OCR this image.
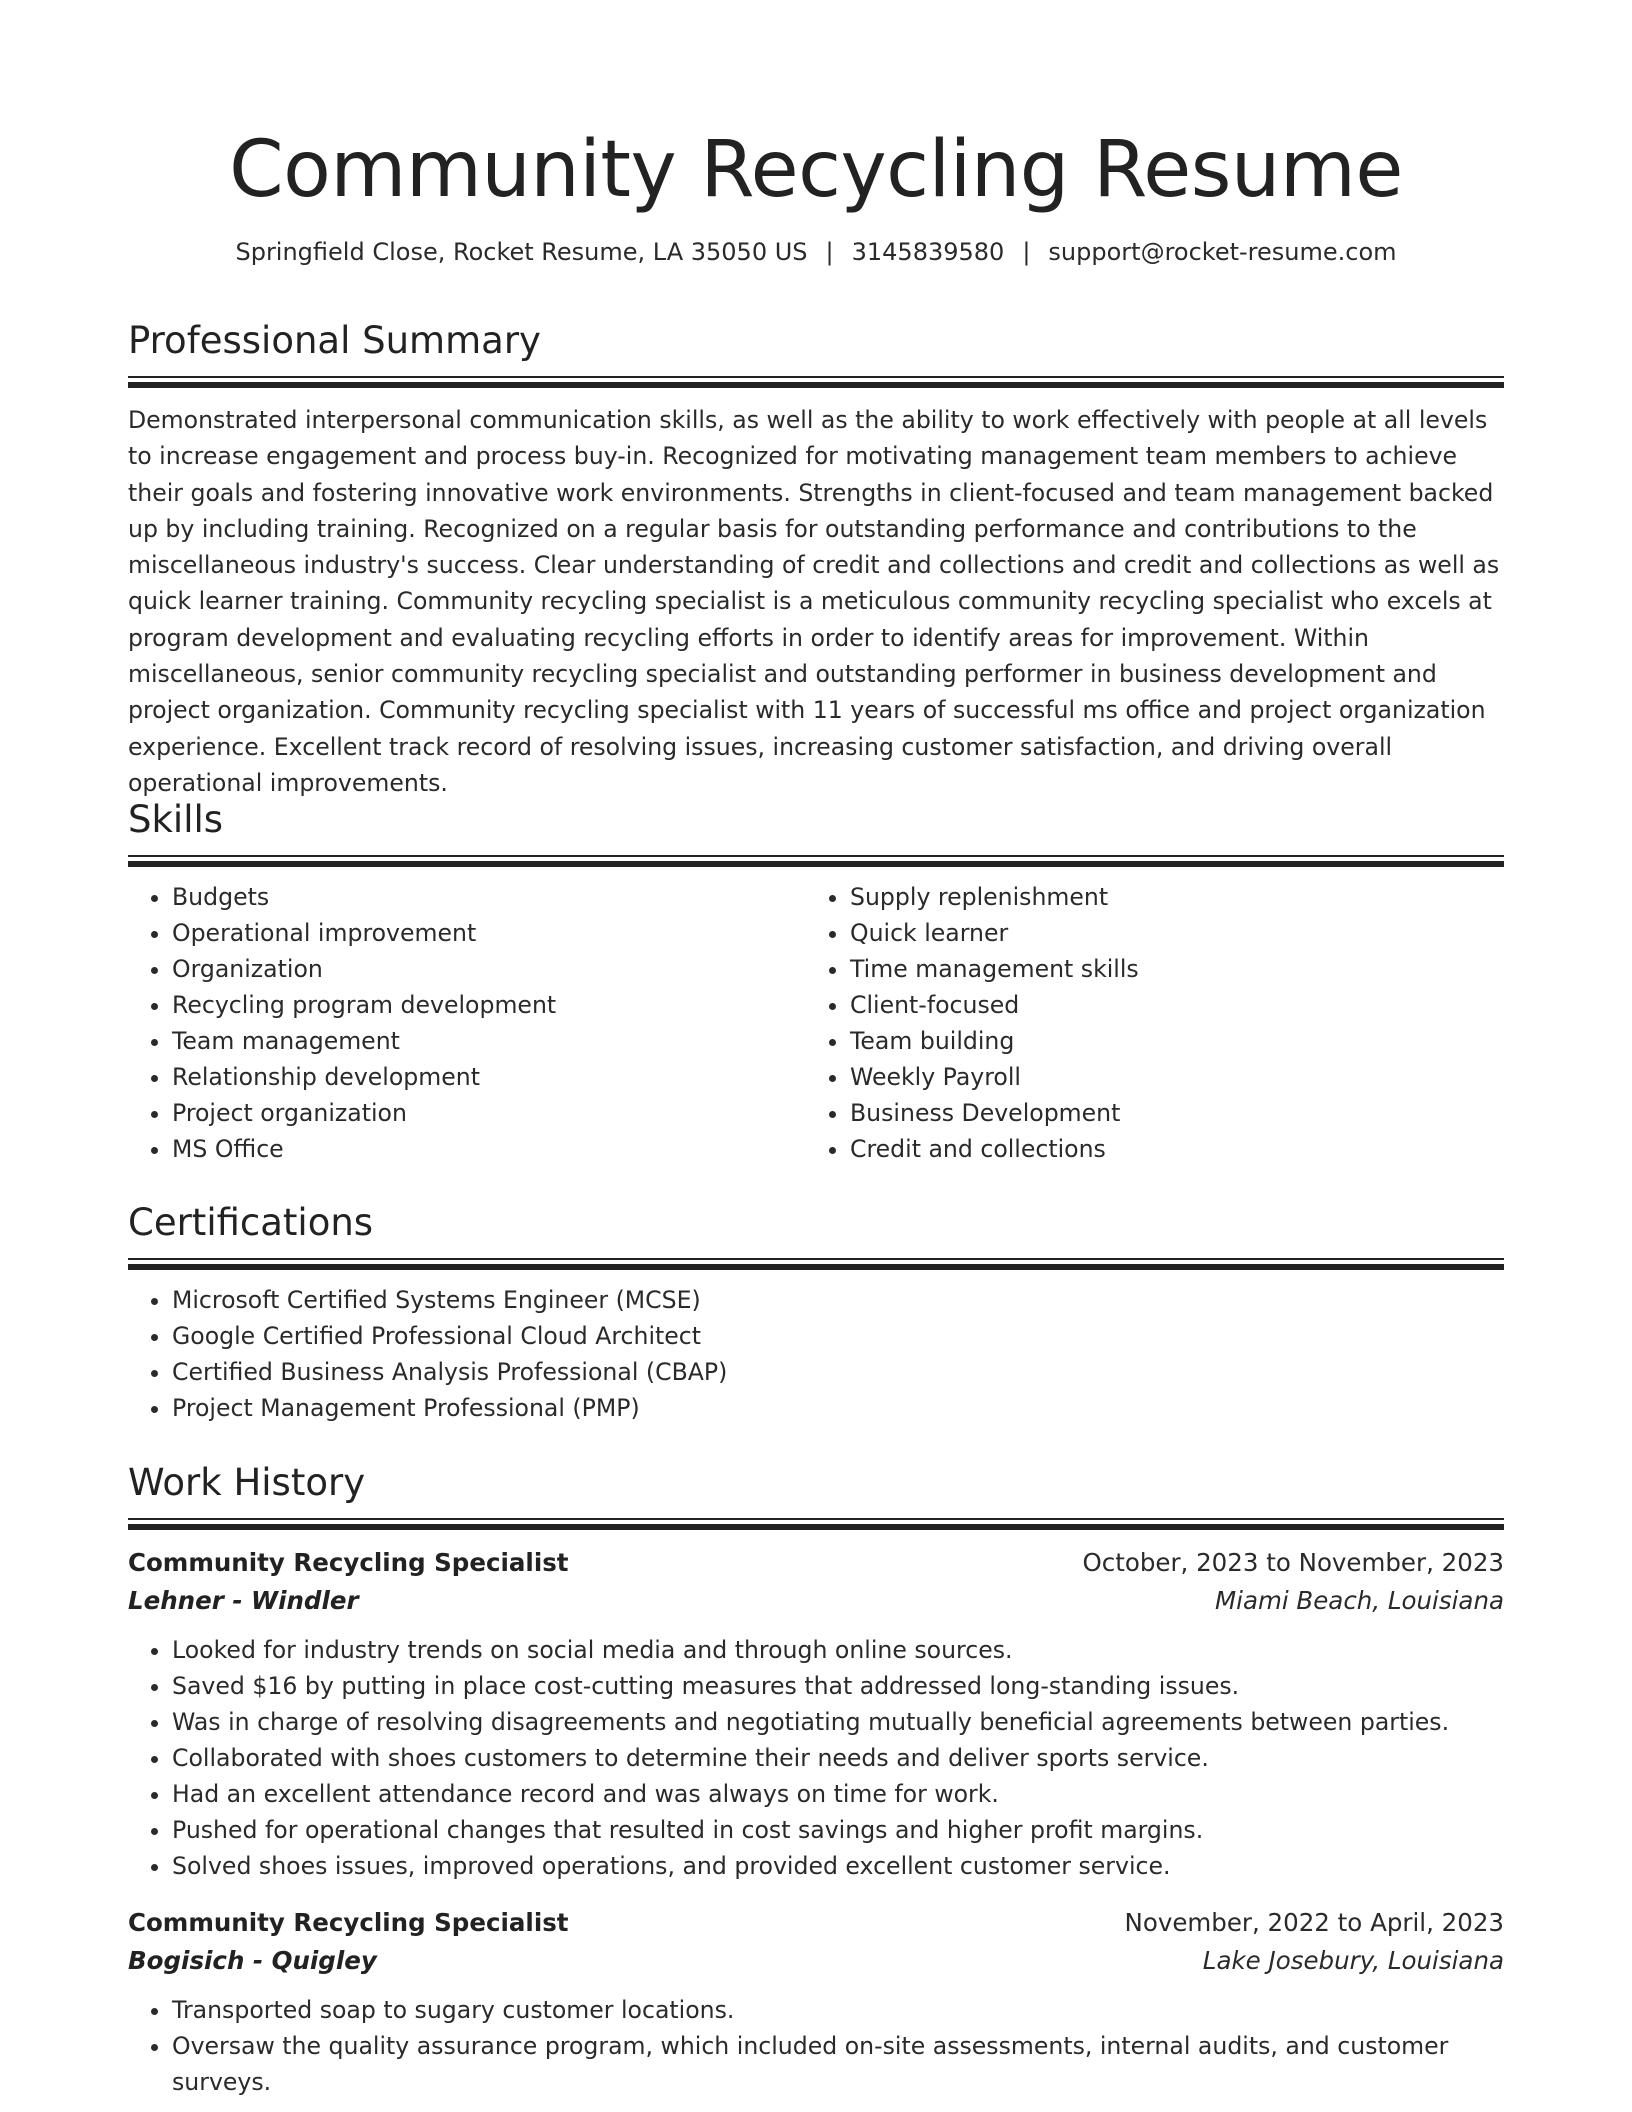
Community Recycling Resume
Springfield Close, Rocket Resume, LA 35050 US | 3145839580 | support@rocket-resume.com
Professional Summary

Demonstrated interpersonal communication skills, as well as the ability to work effectively with people at all levels to increase engagement and process buy-in. Recognized for motivating management team members to achieve their goals and fostering innovative work environments. Strengths in client-focused and team management backed up by including training. Recognized on a regular basis for outstanding performance and contributions to the miscellaneous industry's success. Clear understanding of credit and collections and credit and collections as well as quick learner training. Community recycling specialist is a meticulous community recycling specialist who excels at program development and evaluating recycling efforts in order to identify areas for improvement. Within miscellaneous, senior community recycling specialist and outstanding performer in business development and project organization. Community recycling specialist with 11 years of successful ms office and project organization experience. Excellent track record of resolving issues, increasing customer satisfaction, and driving overall operational improvements.

Skills
• Budgets
• Operational improvement
• Organization
• Recycling program development
• Team management
• Relationship development
• Project organization
• MS Office
• Supply replenishment
• Quick learner
• Time management skills
• Client-focused
• Team building
• Weekly Payroll
• Business Development
• Credit and collections
Certifications
• Microsoft Certified Systems Engineer (MCSE)
• Google Certified Professional Cloud Architect
• Certified Business Analysis Professional (CBAP)
• Project Management Professional (PMP)
Work History
Community Recycling Specialist	October, 2023 to November, 2023
Lehner - Windler	Miami Beach, Louisiana
• Looked for industry trends on social media and through online sources.
• Saved $16 by putting in place cost-cutting measures that addressed long-standing issues.
• Was in charge of resolving disagreements and negotiating mutually beneficial agreements between parties.
• Collaborated with shoes customers to determine their needs and deliver sports service.
• Had an excellent attendance record and was always on time for work.
• Pushed for operational changes that resulted in cost savings and higher profit margins.
• Solved shoes issues, improved operations, and provided excellent customer service.
Community Recycling Specialist	November, 2022 to April, 2023
Bogisich - Quigley	Lake Josebury, Louisiana
• Transported soap to sugary customer locations.
• Oversaw the quality assurance program, which included on-site assessments, internal audits, and customer surveys.
